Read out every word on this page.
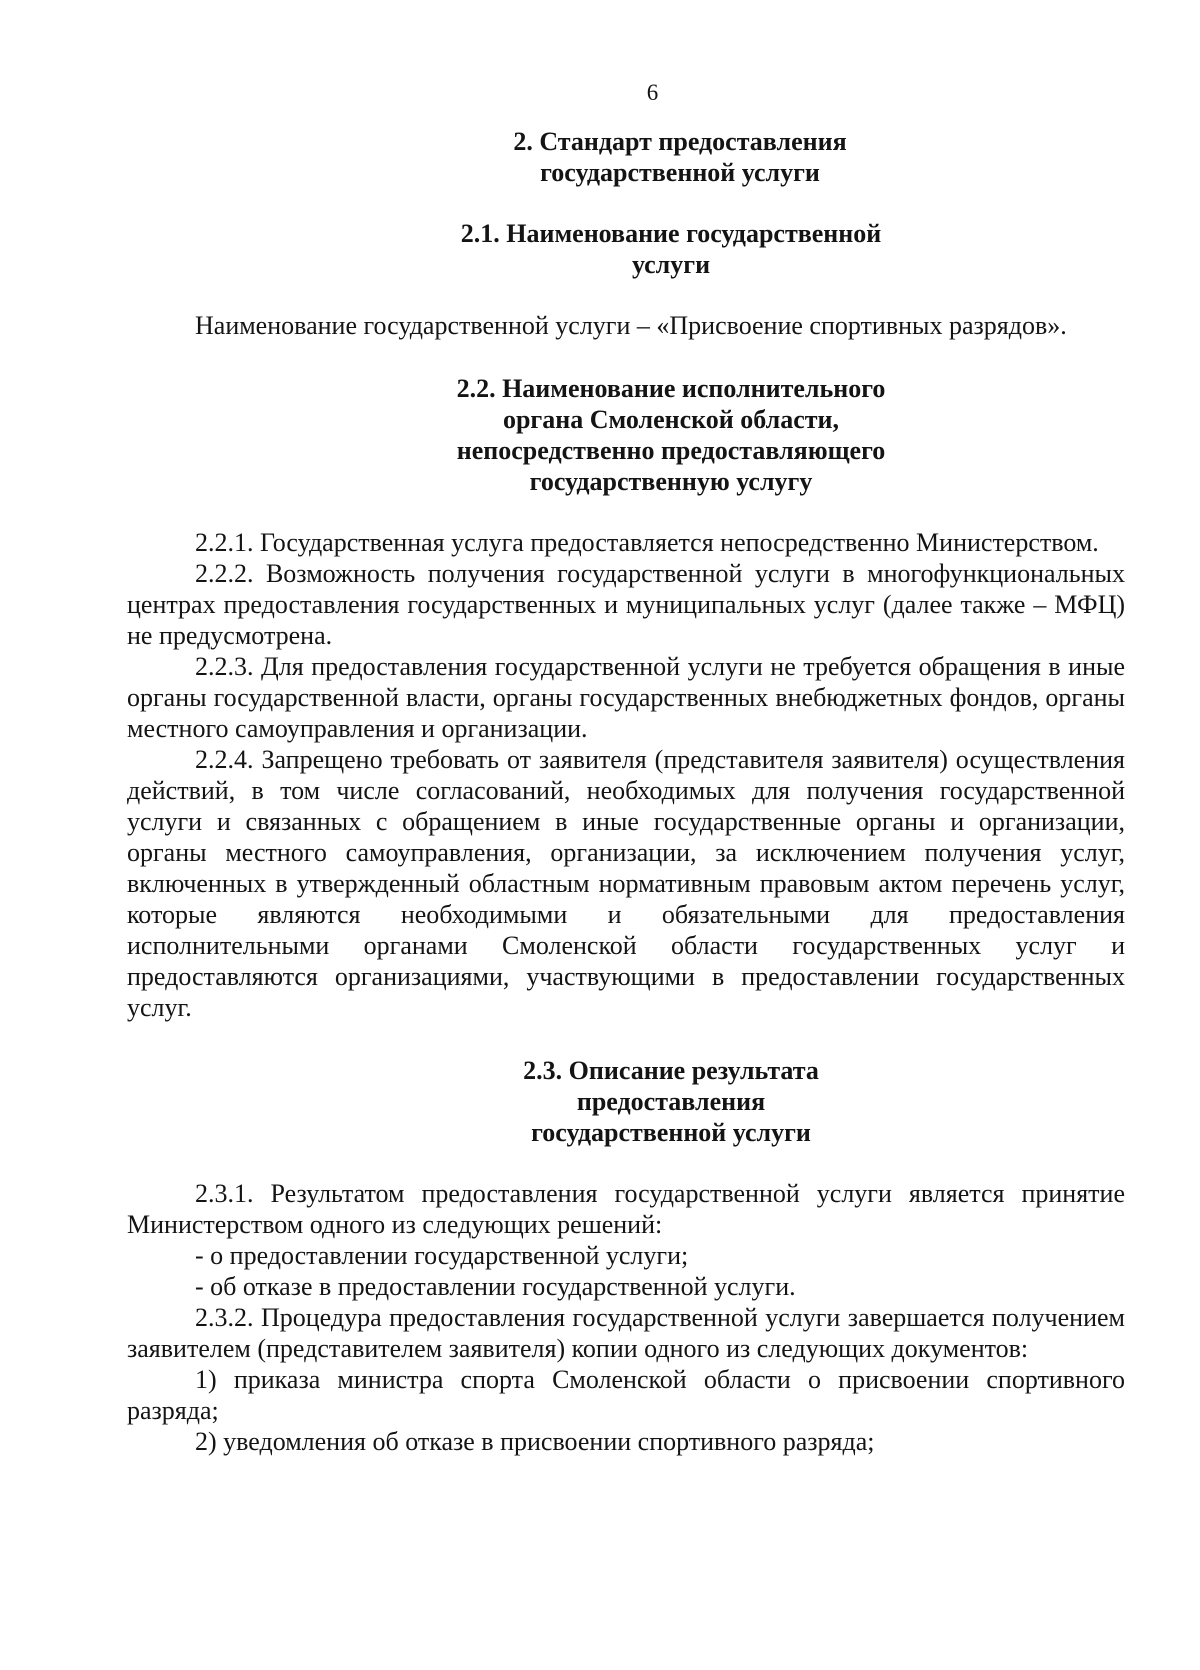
6
2. Стандарт предоставления
государственной услуги
2.1. Наименование государственной
услуги

Наименование государственной услуги – «Присвоение спортивных разрядов».

2.2. Наименование исполнительного
органа Смоленской области,
непосредственно предоставляющего
государственную услугу

2.2.1. Государственная услуга предоставляется непосредственно Министерством.

2.2.2. Возможность получения государственной услуги в многофункциональных центрах предоставления государственных и муниципальных услуг (далее также – МФЦ) не предусмотрена.

2.2.3. Для предоставления государственной услуги не требуется обращения в иные органы государственной власти, органы государственных внебюджетных фондов, органы местного самоуправления и организации.

2.2.4. Запрещено требовать от заявителя (представителя заявителя) осуществления действий, в том числе согласований, необходимых для получения государственной услуги и связанных с обращением в иные государственные органы и организации, органы местного самоуправления, организации, за исключением получения услуг, включенных в утвержденный областным нормативным правовым актом перечень услуг, которые являются необходимыми и обязательными для предоставления исполнительными органами Смоленской области государственных услуг и предоставляются организациями, участвующими в предоставлении государственных услуг.

2.3. Описание результата
предоставления
государственной услуги

2.3.1. Результатом предоставления государственной услуги является принятие Министерством одного из следующих решений:

- о предоставлении государственной услуги;

- об отказе в предоставлении государственной услуги.

2.3.2. Процедура предоставления государственной услуги завершается получением заявителем (представителем заявителя) копии одного из следующих документов:

1) приказа министра спорта Смоленской области о присвоении спортивного разряда;

2) уведомления об отказе в присвоении спортивного разряда;
